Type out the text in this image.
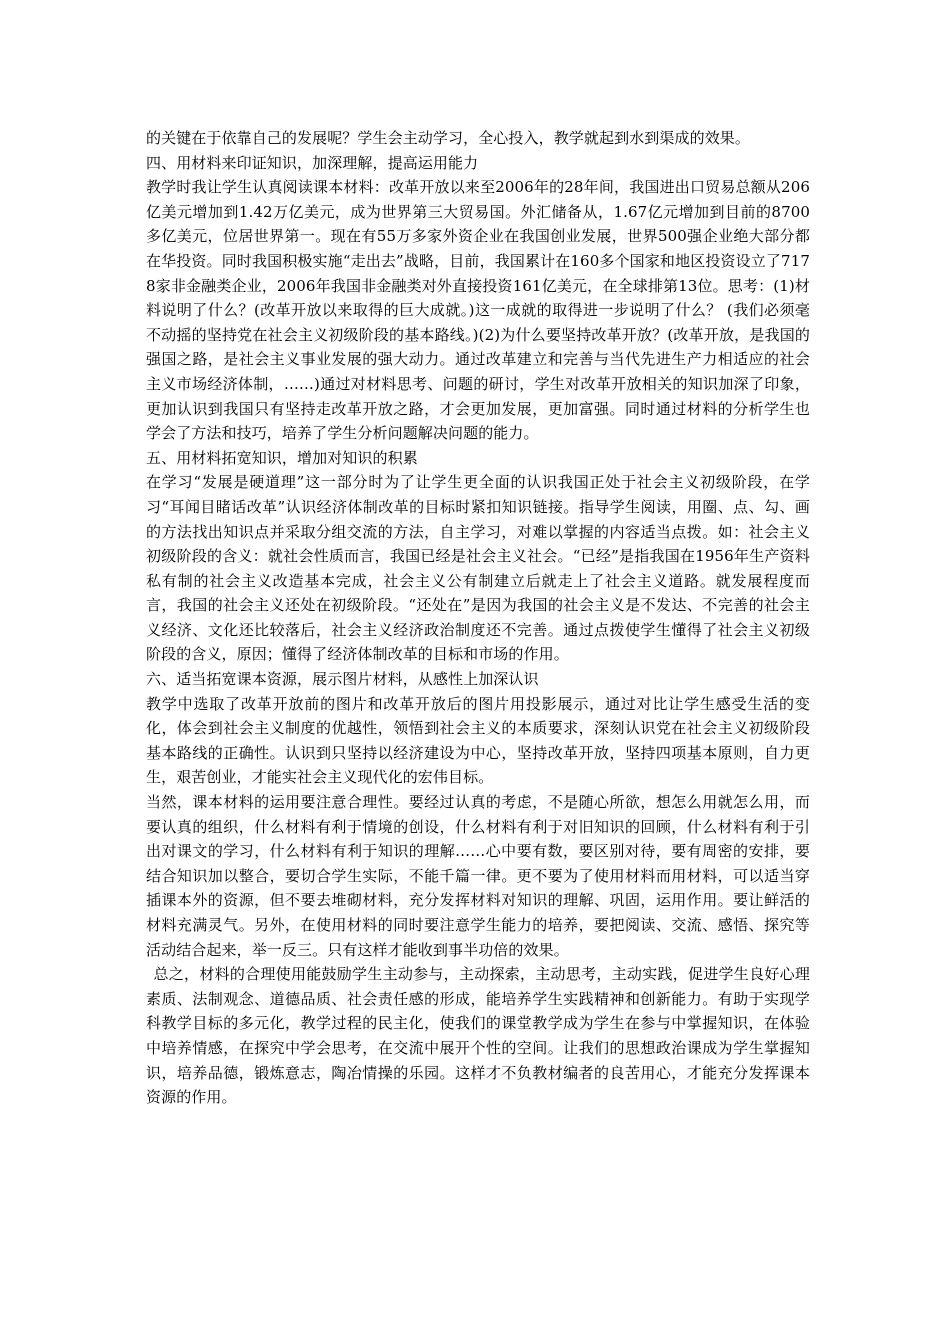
的关键在于依靠自己的发展呢？学生会主动学习，全心投入，教学就起到水到渠成的效果。

四、用材料来印证知识，加深理解，提高运用能力

教学时我让学生认真阅读课本材料：改革开放以来至2006年的28年间，我国进出口贸易总额从206亿美元增加到1.42万亿美元，成为世界第三大贸易国。外汇储备从，1.67亿元增加到目前的8700多亿美元，位居世界第一。现在有55万多家外资企业在我国创业发展，世界500强企业绝大部分都在华投资。同时我国积极实施“走出去”战略，目前，我国累计在160多个国家和地区投资设立了7178家非金融类企业，2006年我国非金融类对外直接投资161亿美元，在全球排第13位。思考：(1)材料说明了什么？(改革开放以来取得的巨大成就。)这一成就的取得进一步说明了什么？ (我们必须毫不动摇的坚持党在社会主义初级阶段的基本路线。)(2)为什么要坚持改革开放？(改革开放，是我国的强国之路，是社会主义事业发展的强大动力。通过改革建立和完善与当代先进生产力相适应的社会主义市场经济体制，……)通过对材料思考、问题的研讨，学生对改革开放相关的知识加深了印象，更加认识到我国只有坚持走改革开放之路，才会更加发展，更加富强。同时通过材料的分析学生也学会了方法和技巧，培养了学生分析问题解决问题的能力。

五、用材料拓宽知识，增加对知识的积累

在学习“发展是硬道理”这一部分时为了让学生更全面的认识我国正处于社会主义初级阶段，在学习“耳闻目睹话改革”认识经济体制改革的目标时紧扣知识链接。指导学生阅读，用圈、点、勾、画的方法找出知识点并采取分组交流的方法，自主学习，对难以掌握的内容适当点拨。如：社会主义初级阶段的含义：就社会性质而言，我国已经是社会主义社会。“已经”是指我国在1956年生产资料私有制的社会主义改造基本完成，社会主义公有制建立后就走上了社会主义道路。就发展程度而言，我国的社会主义还处在初级阶段。“还处在”是因为我国的社会主义是不发达、不完善的社会主义经济、文化还比较落后，社会主义经济政治制度还不完善。通过点拨使学生懂得了社会主义初级阶段的含义，原因；懂得了经济体制改革的目标和市场的作用。

六、适当拓宽课本资源，展示图片材料，从感性上加深认识

教学中选取了改革开放前的图片和改革开放后的图片用投影展示，通过对比让学生感受生活的变化，体会到社会主义制度的优越性，领悟到社会主义的本质要求，深刻认识党在社会主义初级阶段基本路线的正确性。认识到只坚持以经济建设为中心，坚持改革开放，坚持四项基本原则，自力更生，艰苦创业，才能实社会主义现代化的宏伟目标。

当然，课本材料的运用要注意合理性。要经过认真的考虑，不是随心所欲，想怎么用就怎么用，而要认真的组织，什么材料有利于情境的创设，什么材料有利于对旧知识的回顾，什么材料有利于引出对课文的学习，什么材料有利于知识的理解……心中要有数，要区别对待，要有周密的安排，要结合知识加以整合，要切合学生实际，不能千篇一律。更不要为了使用材料而用材料，可以适当穿插课本外的资源，但不要去堆砌材料，充分发挥材料对知识的理解、巩固，运用作用。要让鲜活的材料充满灵气。另外，在使用材料的同时要注意学生能力的培养，要把阅读、交流、感悟、探究等活动结合起来，举一反三。只有这样才能收到事半功倍的效果。

总之，材料的合理使用能鼓励学生主动参与，主动探索，主动思考，主动实践，促进学生良好心理素质、法制观念、道德品质、社会责任感的形成，能培养学生实践精神和创新能力。有助于实现学科教学目标的多元化，教学过程的民主化，使我们的课堂教学成为学生在参与中掌握知识，在体验中培养情感，在探究中学会思考，在交流中展开个性的空间。让我们的思想政治课成为学生掌握知识，培养品德，锻炼意志，陶冶情操的乐园。这样才不负教材编者的良苦用心，才能充分发挥课本资源的作用。
